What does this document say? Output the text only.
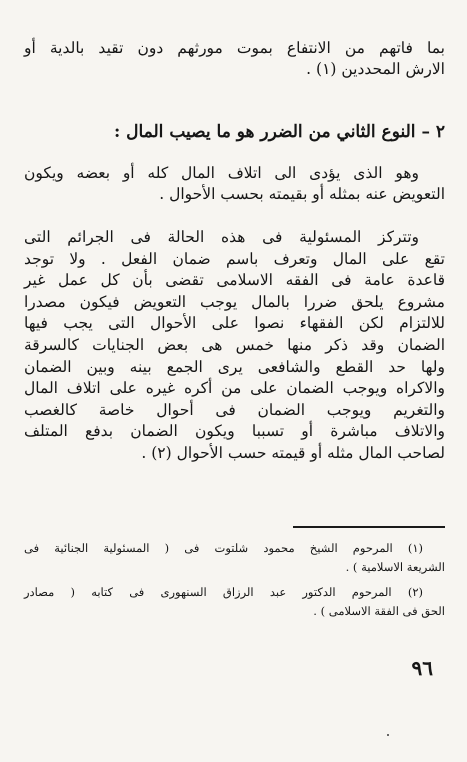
بما فاتهم من الانتفاع بموت مورثهم دون تقيد بالدية أو
الارش المحددين (١) .
٢ – النوع الثاني من الضرر هو ما يصيب المال :
وهو الذى يؤدى الى اتلاف المال كله أو بعضه ويكون
التعويض عنه بمثله أو بقيمته بحسب الأحوال .
وتتركز المسئولية فى هذه الحالة فى الجرائم التى
تقع على المال وتعرف باسم ضمان الفعل . ولا توجد
قاعدة عامة فى الفقه الاسلامى تقضى بأن كل عمل غير
مشروع يلحق ضررا بالمال يوجب التعويض فيكون مصدرا
للالتزام لكن الفقهاء نصوا على الأحوال التى يجب فيها
الضمان وقد ذكر منها خمس هى بعض الجنايات كالسرقة
ولها حد القطع والشافعى يرى الجمع بينه وبين الضمان
والاكراه ويوجب الضمان على من أكره غيره على اتلاف المال
والتغريم ويوجب الضمان فى أحوال خاصة كالغصب
والاتلاف مباشرة أو تسببا ويكون الضمان بدفع المتلف
لصاحب المال مثله أو قيمته حسب الأحوال (٢) .
(١) المرحوم الشيخ محمود شلتوت فى ( المسئولية الجنائية فى
الشريعة الاسلامية ) .
(٢) المرحوم الدكتور عبد الرزاق السنهورى فى كتابه ( مصادر
الحق فى الفقة الاسلامى ) .
٩٦
